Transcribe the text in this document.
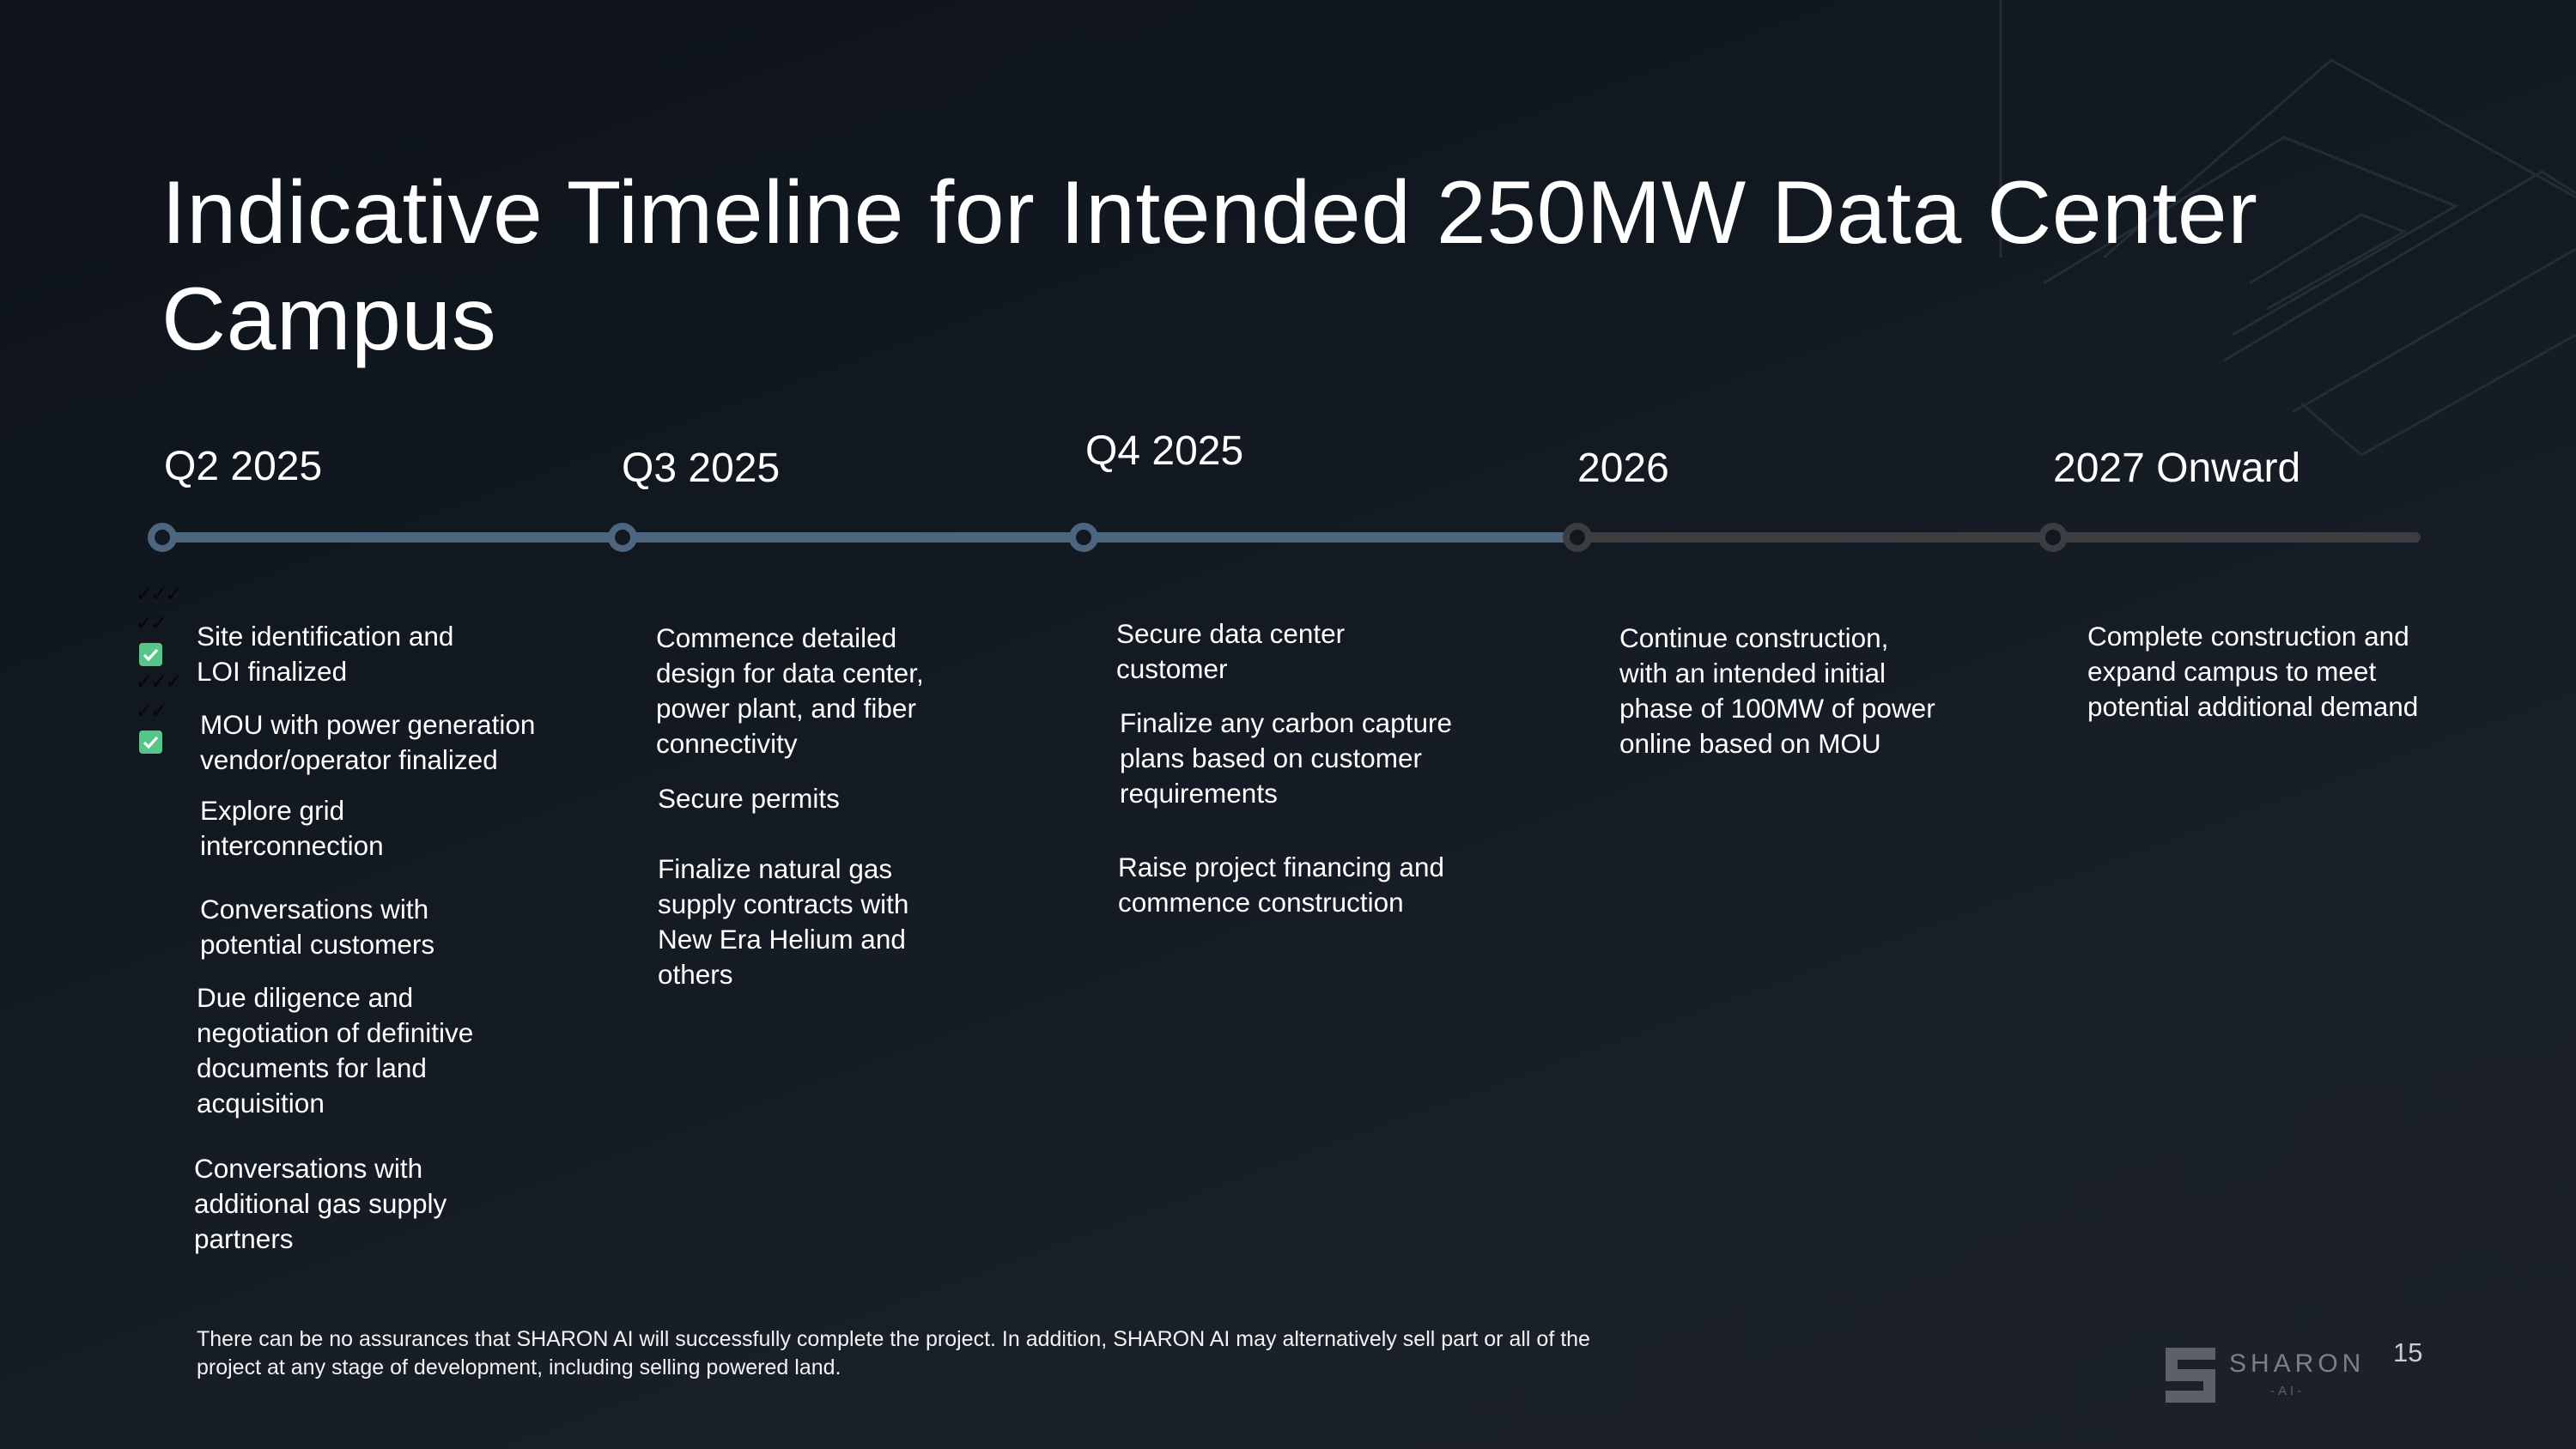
Indicative Timeline for Intended 250MW Data Center Campus
Q2 2025	Q3 2025	Q4 2025	2026	2027 Onward
✓✓✓
✓✓
✓✓✓
✓✓
Site identification and LOI finalized
MOU with power generation vendor/operator finalized
Explore grid interconnection
Conversations with potential customers
Due diligence and negotiation of definitive documents for land acquisition
Conversations with additional gas supply partners
Commence detailed design for data center, power plant, and fiber connectivity
Secure permits
Finalize natural gas supply contracts with New Era Helium and others
Secure data center customer
Finalize any carbon capture plans based on customer requirements
Raise project financing and commence construction
Continue construction, with an intended initial phase of 100MW of power online based on MOU
Complete construction and expand campus to meet potential additional demand
There can be no assurances that SHARON AI will successfully complete the project. In addition, SHARON AI may alternatively sell part or all of the project at any stage of development, including selling powered land.	SHARON
-AI-
15
